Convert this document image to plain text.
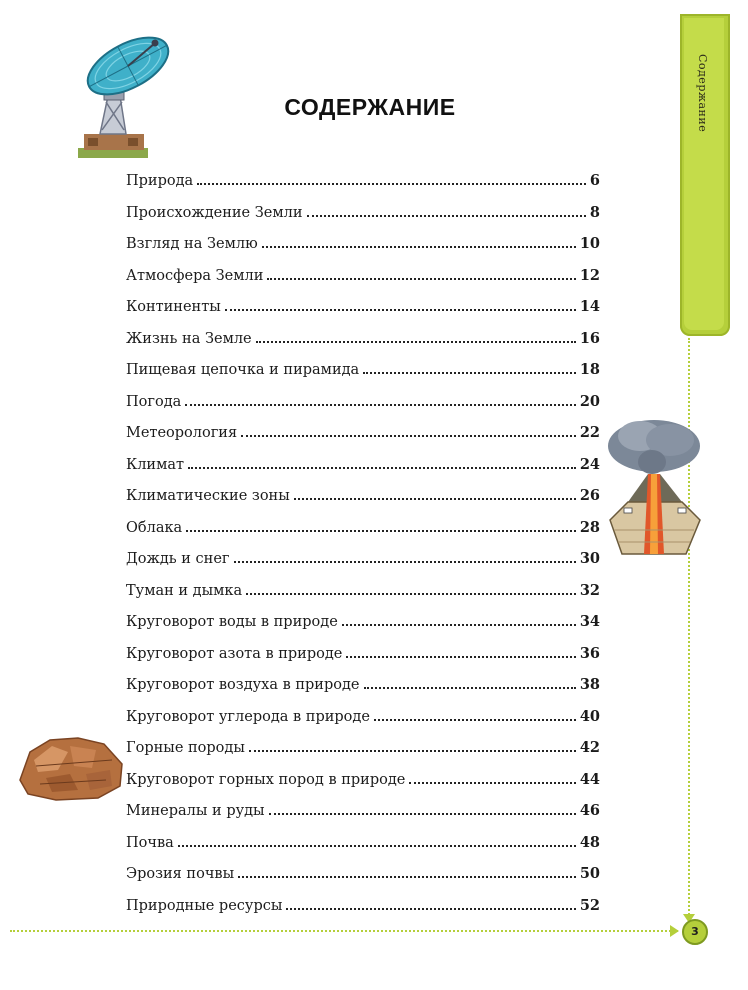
Содержание
3
СОДЕРЖАНИЕ
Природа	6
Происхождение Земли	8
Взгляд на Землю	10
Атмосфера Земли	12
Континенты	14
Жизнь на Земле	16
Пищевая цепочка и пирамида	18
Погода	20
Метеорология	22
Климат	24
Климатические зоны	26
Облака	28
Дождь и снег	30
Туман и дымка	32
Круговорот воды в природе	34
Круговорот азота в природе	36
Круговорот воздуха в природе	38
Круговорот углерода в природе	40
Горные породы	42
Круговорот горных пород в природе	44
Минералы и руды	46
Почва	48
Эрозия почвы	50
Природные ресурсы	52
